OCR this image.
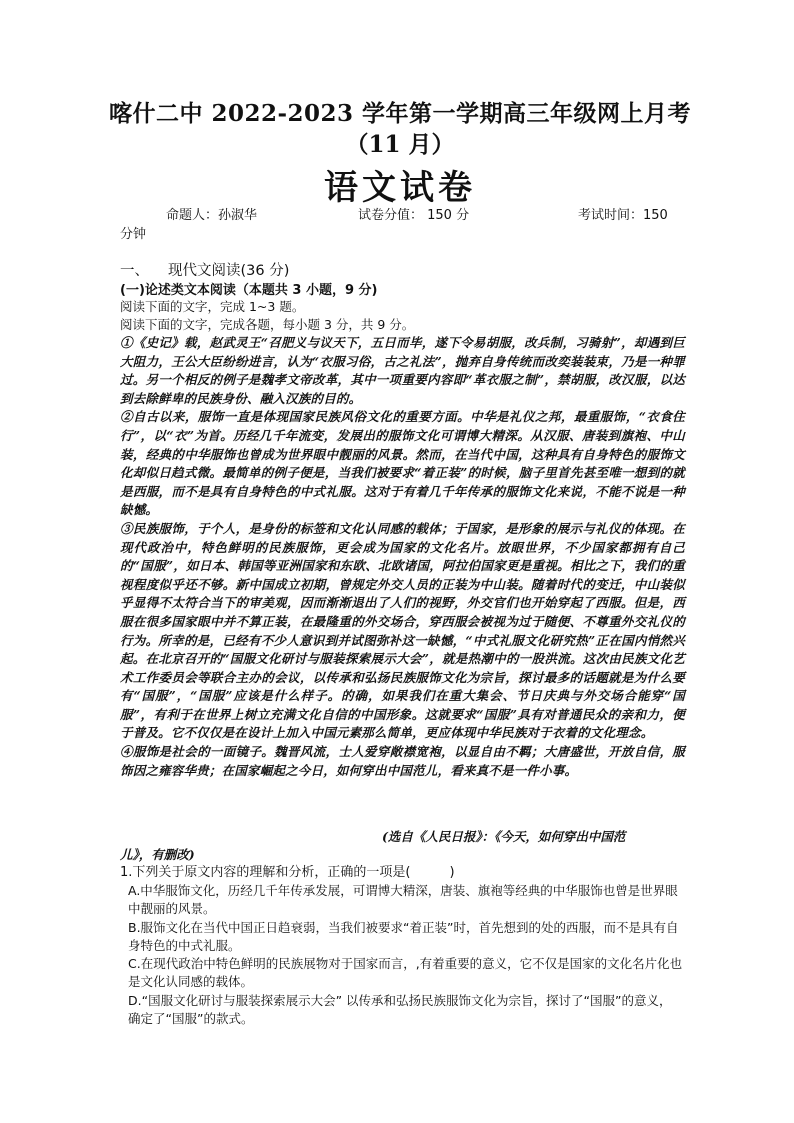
喀什二中 2022-2023 学年第一学期高三年级网上月考
（11 月）
语文试卷
命题人：孙淑华	试卷分值： 150 分	考试时间：150
分钟
一、 现代文阅读(36 分)
(一)论述类文本阅读（本题共 3 小题，9 分)
阅读下面的文字，完成 1~3 题。
阅读下面的文字，完成各题，每小题 3 分，共 9 分。

①《史记》载，赵武灵王“召肥义与议天下，五日而毕，遂下令易胡服，改兵制，习骑射”，却遇到巨大阻力，王公大臣纷纷进言，认为“衣服习俗，古之礼法”，抛弃自身传统而改奕装装束，乃是一种罪过。另一个相反的例子是魏孝文帝改革，其中一项重要内容即“革衣服之制”，禁胡服，改汉服，以达到去除鲜卑的民族身份、融入汉族的目的。

②自古以来，服饰一直是体现国家民族风俗文化的重要方面。中华是礼仪之邦，最重服饰，“衣食住行”，以“衣”为首。历经几千年流变，发展出的服饰文化可谓博大精深。从汉服、唐装到旗袍、中山装，经典的中华服饰也曾成为世界眼中靓丽的风景。然而，在当代中国，这种具有自身特色的服饰文化却似日趋式微。最简单的例子便是，当我们被要求“着正装”的时候，脑子里首先甚至唯一想到的就是西服，而不是具有自身特色的中式礼服。这对于有着几千年传承的服饰文化来说，不能不说是一种缺憾。

③民族服饰，于个人，是身份的标签和文化认同感的载体；于国家，是形象的展示与礼仪的体现。在现代政治中，特色鲜明的民族服饰，更会成为国家的文化名片。放眼世界，不少国家都拥有自己的“国服”，如日本、韩国等亚洲国家和东欧、北欧诸国，阿拉伯国家更是重视。相比之下，我们的重视程度似乎还不够。新中国成立初期，曾规定外交人员的正装为中山装。随着时代的变迁，中山装似乎显得不太符合当下的审美观，因而渐渐退出了人们的视野，外交官们也开始穿起了西服。但是，西服在很多国家眼中并不算正装，在最隆重的外交场合，穿西服会被视为过于随便、不尊重外交礼仪的行为。所幸的是，已经有不少人意识到并试图弥补这一缺憾，“中式礼服文化研究热”正在国内悄然兴起。在北京召开的“国服文化研讨与服装探索展示大会”，就是热潮中的一股洪流。这次由民族文化艺术工作委员会等联合主办的会议，以传承和弘扬民族服饰文化为宗旨，探讨最多的话题就是为什么要有“国服”，“国服”应该是什么样子。的确，如果我们在重大集会、节日庆典与外交场合能穿“国服”，有利于在世界上树立充满文化自信的中国形象。这就要求“国服”具有对普通民众的亲和力，便于普及。它不仅仅是在设计上加入中国元素那么简单，更应体现中华民族对于衣着的文化理念。

④服饰是社会的一面镜子。魏晋风流，士人爱穿敞襟宽袍，以显自由不羁；大唐盛世，开放自信，服饰因之雍容华贵；在国家崛起之今日，如何穿出中国范儿，看来真不是一件小事。

(选自《人民日报》：《今天，如何穿出中国范
儿》，有删改)
1.下列关于原文内容的理解和分析，正确的一项是(　　　)

A.中华服饰文化，历经几千年传承发展，可谓博大精深，唐装、旗袍等经典的中华服饰也曾是世界眼中靓丽的风景。

B.服饰文化在当代中国正日趋衰弱，当我们被要求“着正装”时，首先想到的处的西服，而不是具有自身特色的中式礼服。

C.在现代政治中特色鲜明的民族展物对于国家而言，,有着重要的意义，它不仅是国家的文化名片化也是文化认同感的载体。

D.“国服文化研讨与服装探索展示大会” 以传承和弘扬民族服饰文化为宗旨，探讨了“国服”的意义，确定了“国服”的款式。
